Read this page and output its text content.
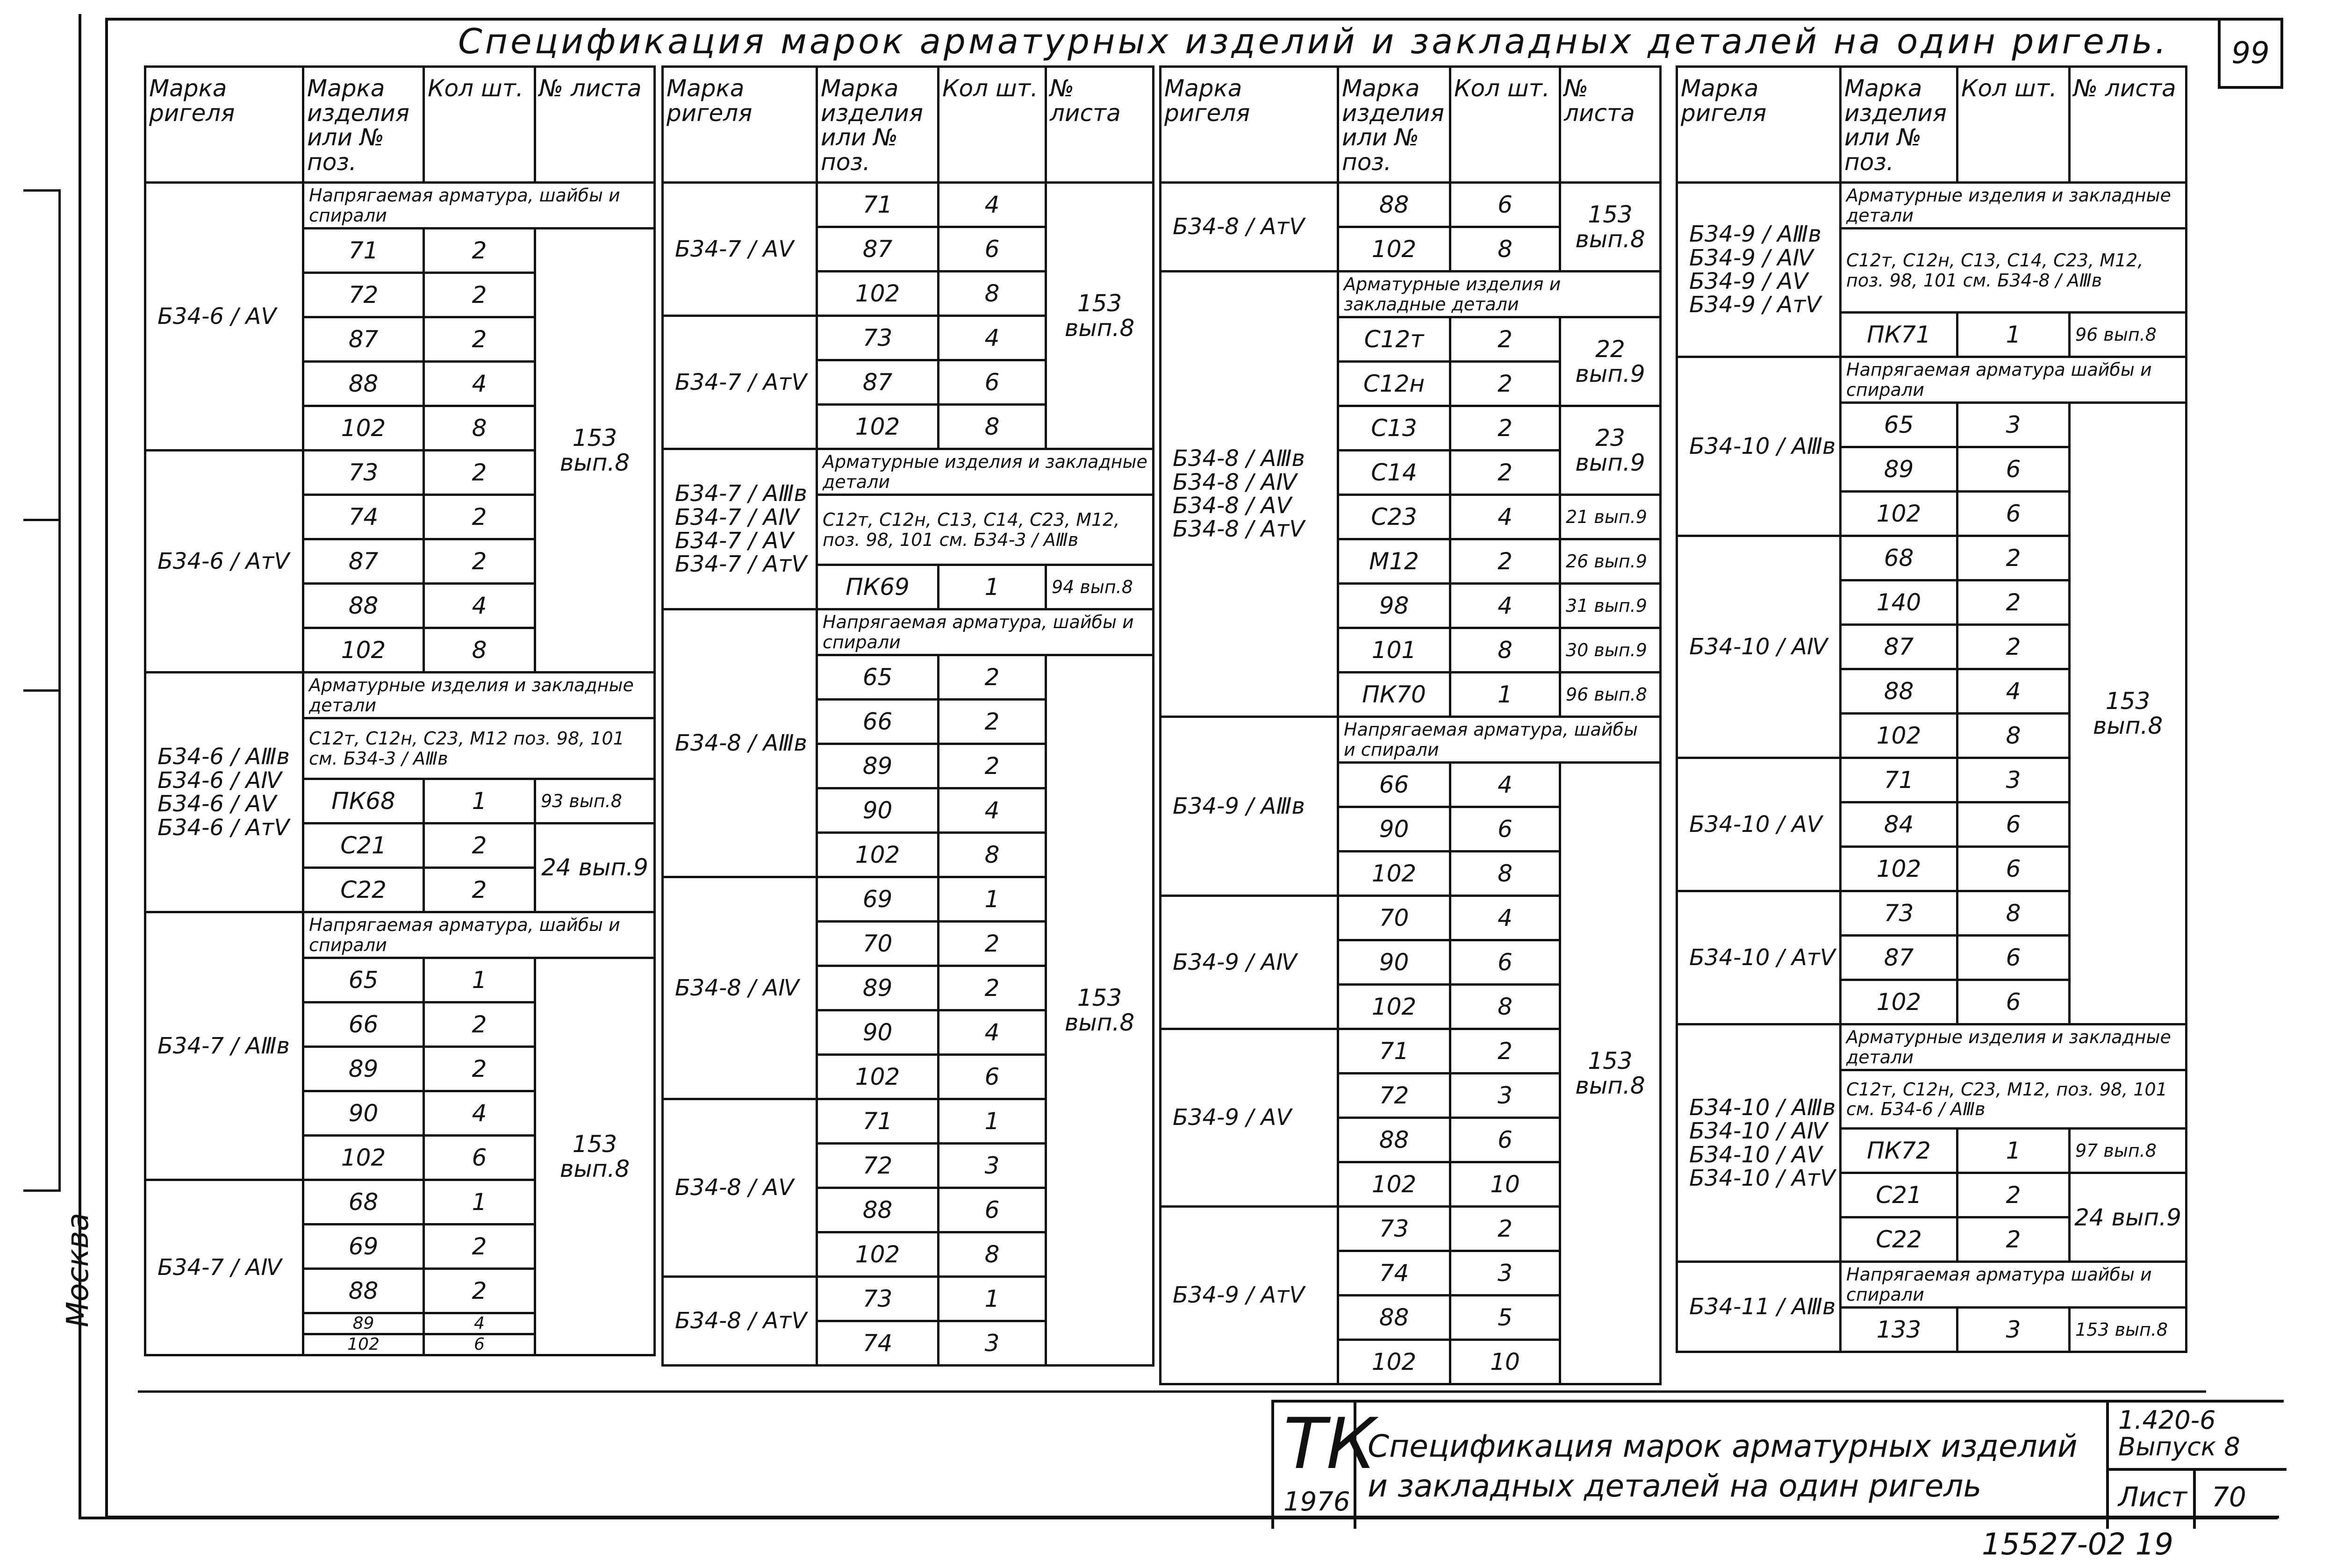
Спецификация марок арматурных изделий и закладных деталей на один ригель.	99
Москва
Марка ригеля	Марка изделия или № поз.	Кол шт.	№ листа
Б34-6 / АⅤ	Напрягаемая арматура, шайбы и спирали		
	71	2	153 вып.8
	72	2	
	87	2	
	88	4	
	102	8	
Б34-6 / АтⅤ	73	2	
	74	2	
	87	2	
	88	4	
	102	8	
Б34-6 / АⅢв Б34-6 / АⅣ Б34-6 / АⅤ Б34-6 / АтⅤ	Арматурные изделия и закладные детали		
	С12т, С12н, С23, М12 поз. 98, 101 см. Б34-3 / АⅢв		
	ПК68	1	93 вып.8
	С21	2	24 вып.9
	С22	2	
Б34-7 / АⅢв	Напрягаемая арматура, шайбы и спирали		
	65	1	153 вып.8
	66	2	
	89	2	
	90	4	
	102	6	
Б34-7 / АⅣ	68	1	
	69	2	
	88	2	
	89	4	
	102	6	
Марка ригеля	Марка изделия или № поз.	Кол шт.	№ листа
Б34-7 / АⅤ	71	4	153 вып.8
	87	6	
	102	8	
Б34-7 / АтⅤ	73	4	
	87	6	
	102	8	
Б34-7 / АⅢв Б34-7 / АⅣ Б34-7 / АⅤ Б34-7 / АтⅤ	Арматурные изделия и закладные детали		
	С12т, С12н, С13, С14, С23, М12, поз. 98, 101 см. Б34-3 / АⅢв		
	ПК69	1	94 вып.8
Б34-8 / АⅢв	Напрягаемая арматура, шайбы и спирали		
	65	2	153 вып.8
	66	2	
	89	2	
	90	4	
	102	8	
Б34-8 / АⅣ	69	1	
	70	2	
	89	2	
	90	4	
	102	6	
Б34-8 / АⅤ	71	1	
	72	3	
	88	6	
	102	8	
Б34-8 / АтⅤ	73	1	
	74	3	
Марка ригеля	Марка изделия или № поз.	Кол шт.	№ листа
Б34-8 / АтⅤ	88	6	153 вып.8
	102	8	
Б34-8 / АⅢв Б34-8 / АⅣ Б34-8 / АⅤ Б34-8 / АтⅤ	Арматурные изделия и закладные детали		
	С12т	2	22 вып.9
	С12н	2	
	С13	2	23 вып.9
	С14	2	
	С23	4	21 вып.9
	М12	2	26 вып.9
	98	4	31 вып.9
	101	8	30 вып.9
	ПК70	1	96 вып.8
Б34-9 / АⅢв	Напрягаемая арматура, шайбы и спирали		
	66	4	153 вып.8
	90	6	
	102	8	
Б34-9 / АⅣ	70	4	
	90	6	
	102	8	
Б34-9 / АⅤ	71	2	
	72	3	
	88	6	
	102	10	
Б34-9 / АтⅤ	73	2	
	74	3	
	88	5	
	102	10	
Марка ригеля	Марка изделия или № поз.	Кол шт.	№ листа
Б34-9 / АⅢв Б34-9 / АⅣ Б34-9 / АⅤ Б34-9 / АтⅤ	Арматурные изделия и закладные детали		
	С12т, С12н, С13, С14, С23, М12, поз. 98, 101 см. Б34-8 / АⅢв		
	ПК71	1	96 вып.8
Б34-10 / АⅢв	Напрягаемая арматура шайбы и спирали		
	65	3	153 вып.8
	89	6	
	102	6	
Б34-10 / АⅣ	68	2	
	140	2	
	87	2	
	88	4	
	102	8	
Б34-10 / АⅤ	71	3	
	84	6	
	102	6	
Б34-10 / АтⅤ	73	8	
	87	6	
	102	6	
Б34-10 / АⅢв Б34-10 / АⅣ Б34-10 / АⅤ Б34-10 / АтⅤ	Арматурные изделия и закладные детали		
	С12т, С12н, С23, М12, поз. 98, 101 см. Б34-6 / АⅢв		
	ПК72	1	97 вып.8
	С21	2	24 вып.9
	С22	2	
Б34-11 / АⅢв	Напрягаемая арматура шайбы и спирали		
	133	3	153 вып.8
ТК
1976
Спецификация марок арматурных изделий
и закладных деталей на один ригель
1.420-6
Выпуск 8
Лист 70
15527-02 19
